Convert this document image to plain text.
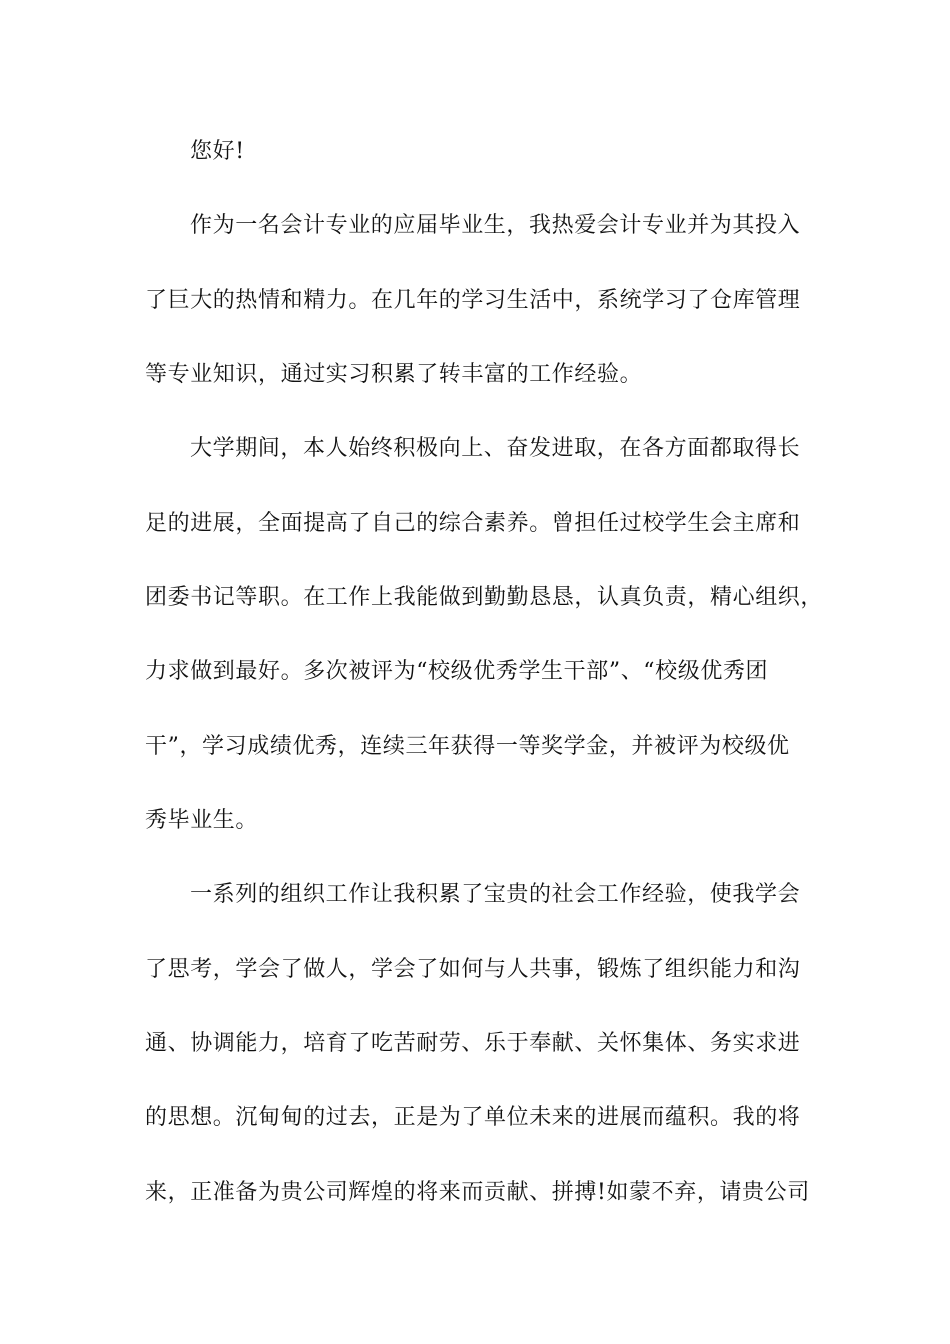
您好!
作为一名会计专业的应届毕业生，我热爱会计专业并为其投入
了巨大的热情和精力。在几年的学习生活中，系统学习了仓库管理
等专业知识，通过实习积累了转丰富的工作经验。
大学期间，本人始终积极向上、奋发进取，在各方面都取得长
足的进展，全面提高了自己的综合素养。曾担任过校学生会主席和
团委书记等职。在工作上我能做到勤勤恳恳，认真负责，精心组织，
力求做到最好。多次被评为“校级优秀学生干部”、“校级优秀团
干”，学习成绩优秀，连续三年获得一等奖学金，并被评为校级优
秀毕业生。
一系列的组织工作让我积累了宝贵的社会工作经验，使我学会
了思考，学会了做人，学会了如何与人共事，锻炼了组织能力和沟
通、协调能力，培育了吃苦耐劳、乐于奉献、关怀集体、务实求进
的思想。沉甸甸的过去，正是为了单位未来的进展而蕴积。我的将
来，正准备为贵公司辉煌的将来而贡献、拼搏!如蒙不弃，请贵公司
